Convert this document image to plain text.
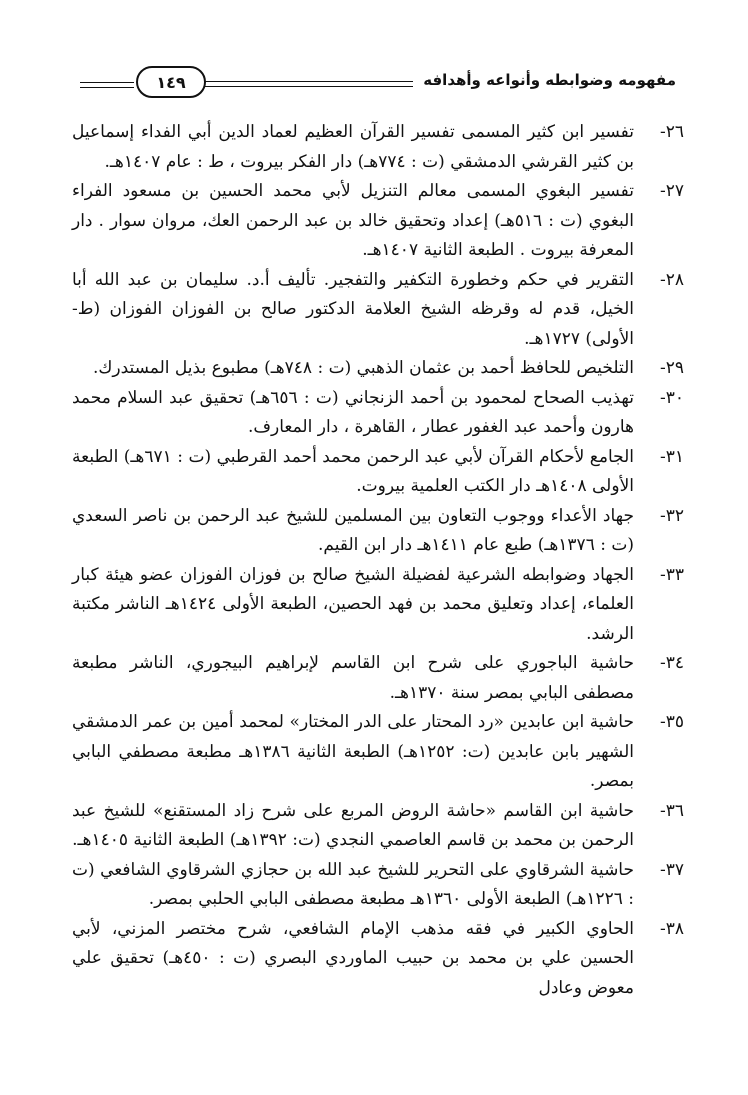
١٤٩	مفهومه وضوابطه وأنواعه وأهدافه
٢٦-
تفسير ابن كثير المسمى تفسير القرآن العظيم لعماد الدين أبي الفداء إسماعيل بن كثير القرشي الدمشقي (ت : ٧٧٤هـ) دار الفكر بيروت ، ط : عام ١٤٠٧هـ.
٢٧-
تفسير البغوي المسمى معالم التنزيل لأبي محمد الحسين بن مسعود الفراء البغوي (ت : ٥١٦هـ) إعداد وتحقيق خالد بن عبد الرحمن العك، مروان سوار . دار المعرفة بيروت . الطبعة الثانية ١٤٠٧هـ.
٢٨-
التقرير في حكم وخطورة التكفير والتفجير. تأليف أ.د. سليمان بن عبد الله أبا الخيل، قدم له وقرظه الشيخ العلامة الدكتور صالح بن الفوزان الفوزان (ط-الأولى) ١٧٢٧هـ.
٢٩-
التلخيص للحافظ أحمد بن عثمان الذهبي (ت : ٧٤٨هـ) مطبوع بذيل المستدرك.
٣٠-
تهذيب الصحاح لمحمود بن أحمد الزنجاني (ت : ٦٥٦هـ) تحقيق عبد السلام محمد هارون وأحمد عبد الغفور عطار ، القاهرة ، دار المعارف.
٣١-
الجامع لأحكام القرآن لأبي عبد الرحمن محمد أحمد القرطبي (ت : ٦٧١هـ) الطبعة الأولى ١٤٠٨هـ دار الكتب العلمية بيروت.
٣٢-
جهاد الأعداء ووجوب التعاون بين المسلمين للشيخ عبد الرحمن بن ناصر السعدي (ت : ١٣٧٦هـ) طبع عام ١٤١١هـ دار ابن القيم.
٣٣-
الجهاد وضوابطه الشرعية لفضيلة الشيخ صالح بن فوزان الفوزان عضو هيئة كبار العلماء، إعداد وتعليق محمد بن فهد الحصين، الطبعة الأولى ١٤٢٤هـ الناشر مكتبة الرشد.
٣٤-
حاشية الباجوري على شرح ابن القاسم لإبراهيم البيجوري، الناشر مطبعة مصطفى البابي بمصر سنة ١٣٧٠هـ.
٣٥-
حاشية ابن عابدين «رد المحتار على الدر المختار» لمحمد أمين بن عمر الدمشقي الشهير بابن عابدين (ت: ١٢٥٢هـ) الطبعة الثانية ١٣٨٦هـ مطبعة مصطفي البابي بمصر.
٣٦-
حاشية ابن القاسم «حاشة الروض المربع على شرح زاد المستقنع» للشيخ عبد الرحمن بن محمد بن قاسم العاصمي النجدي (ت: ١٣٩٢هـ) الطبعة الثانية ١٤٠٥هـ.
٣٧-
حاشية الشرقاوي على التحرير للشيخ عبد الله بن حجازي الشرقاوي الشافعي (ت : ١٢٢٦هـ) الطبعة الأولى ١٣٦٠هـ مطبعة مصطفى البابي الحلبي بمصر.
٣٨-
الحاوي الكبير في فقه مذهب الإمام الشافعي، شرح مختصر المزني، لأبي الحسين علي بن محمد بن حبيب الماوردي البصري (ت : ٤٥٠هـ) تحقيق علي معوض وعادل
